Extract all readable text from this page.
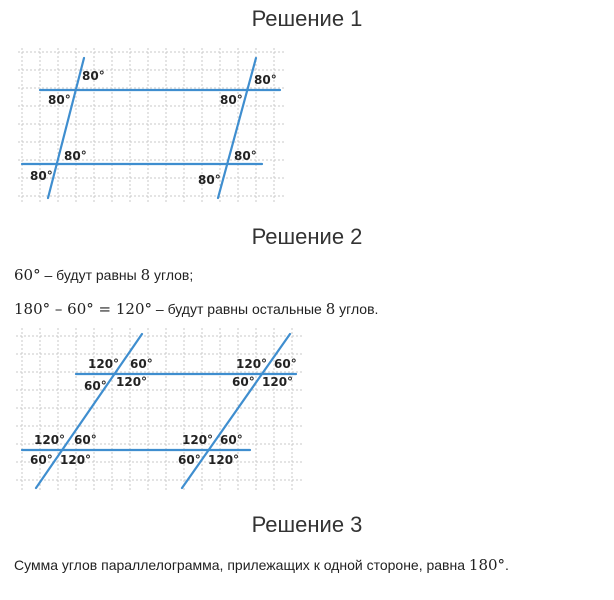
Решение 1
80°
80°
80°
80°
80°
80°
80°
80°
Решение 2

60° – будут равны 8 углов;

180° – 60° = 120° – будут равны остальные 8 углов.

120° 60°
60° 120°
120° 60°
60° 120°
120° 60°
60° 120°
120° 60°
60° 120°
Решение 3

Сумма углов параллелограмма, прилежащих к одной стороне, равна 180°.
